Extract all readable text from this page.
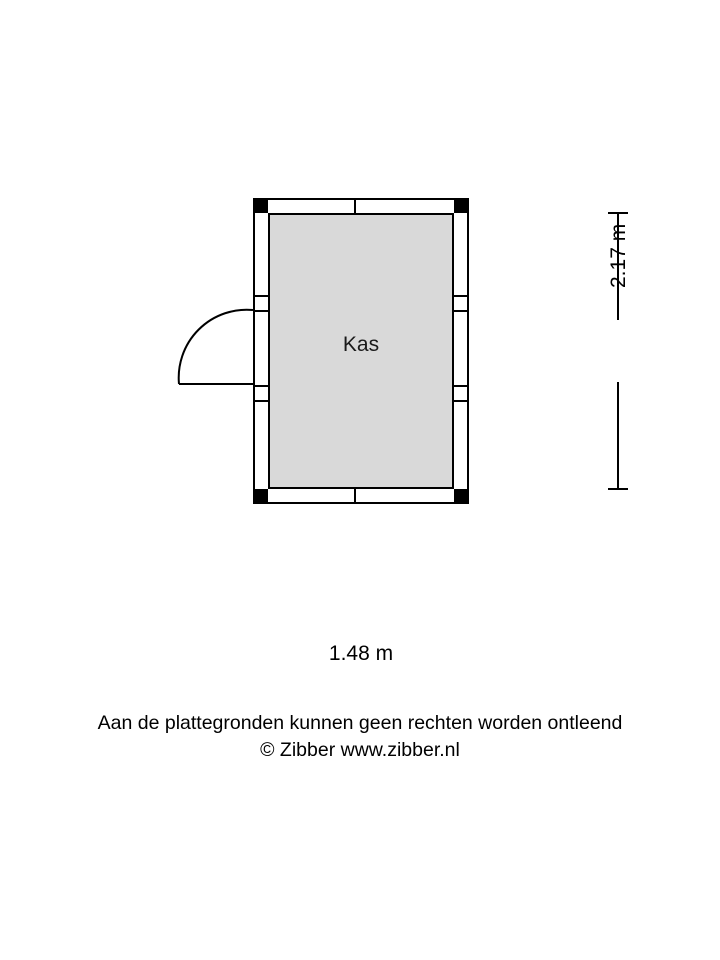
Kas
2.17 m
1.48 m
Aan de plattegronden kunnen geen rechten worden ontleend
© Zibber www.zibber.nl
